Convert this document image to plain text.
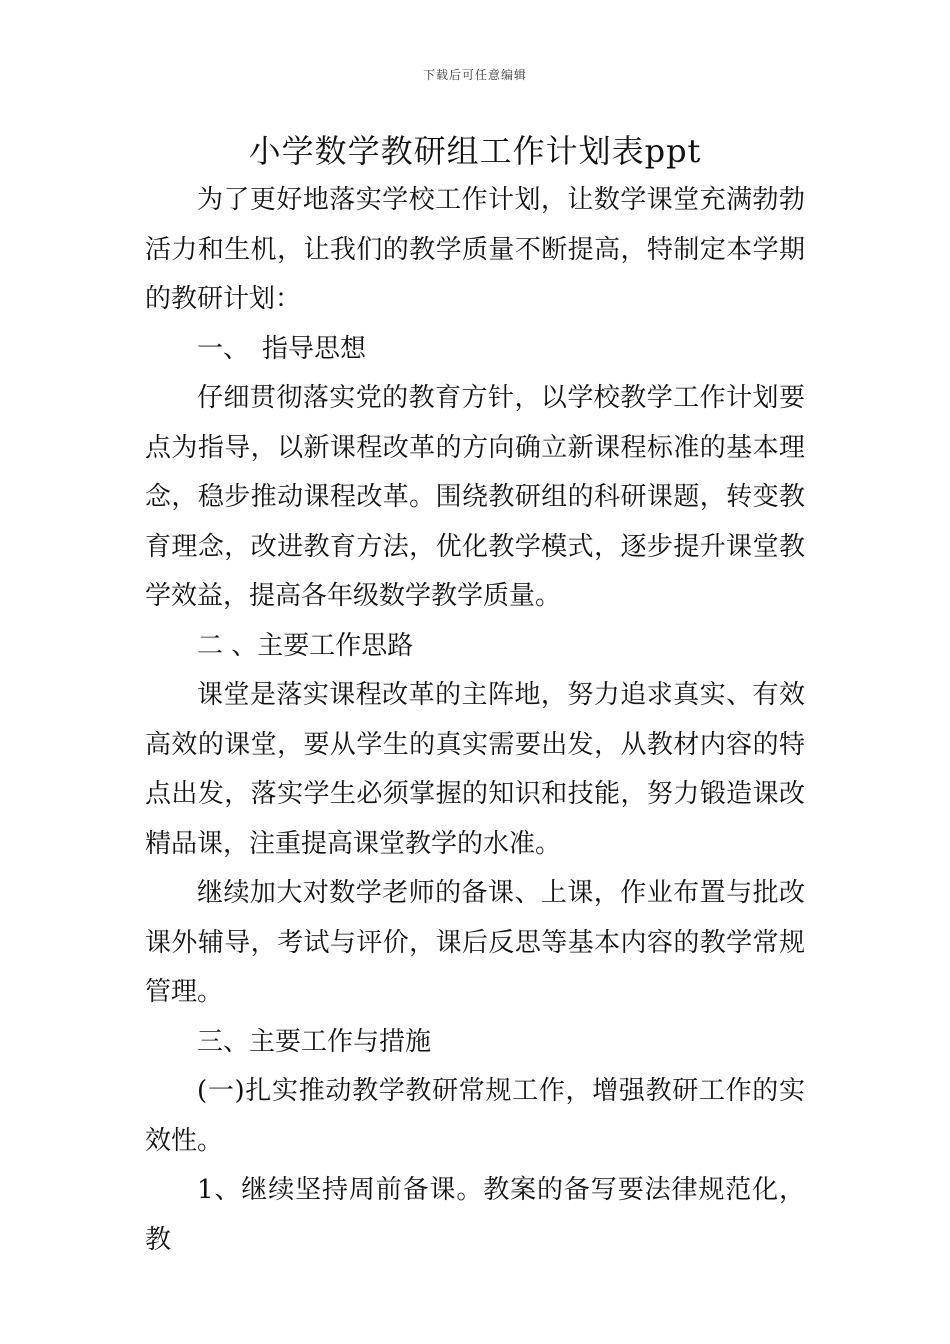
下载后可任意编辑
小学数学教研组工作计划表ppt

为了更好地落实学校工作计划，让数学课堂充满勃勃活力和生机，让我们的教学质量不断提高，特制定本学期的教研计划：

一、　指导思想

仔细贯彻落实党的教育方针，以学校教学工作计划要点为指导，以新课程改革的方向确立新课程标准的基本理念，稳步推动课程改革。围绕教研组的科研课题，转变教育理念，改进教育方法，优化教学模式，逐步提升课堂教学效益，提高各年级数学教学质量。

二 、主要工作思路

课堂是落实课程改革的主阵地，努力追求真实、有效高效的课堂，要从学生的真实需要出发，从教材内容的特点出发，落实学生必须掌握的知识和技能，努力锻造课改精品课，注重提高课堂教学的水准。

继续加大对数学老师的备课、上课，作业布置与批改课外辅导，考试与评价，课后反思等基本内容的教学常规管理。

三、主要工作与措施

(一)扎实推动教学教研常规工作，增强教研工作的实效性。

1、继续坚持周前备课。教案的备写要法律规范化，教
